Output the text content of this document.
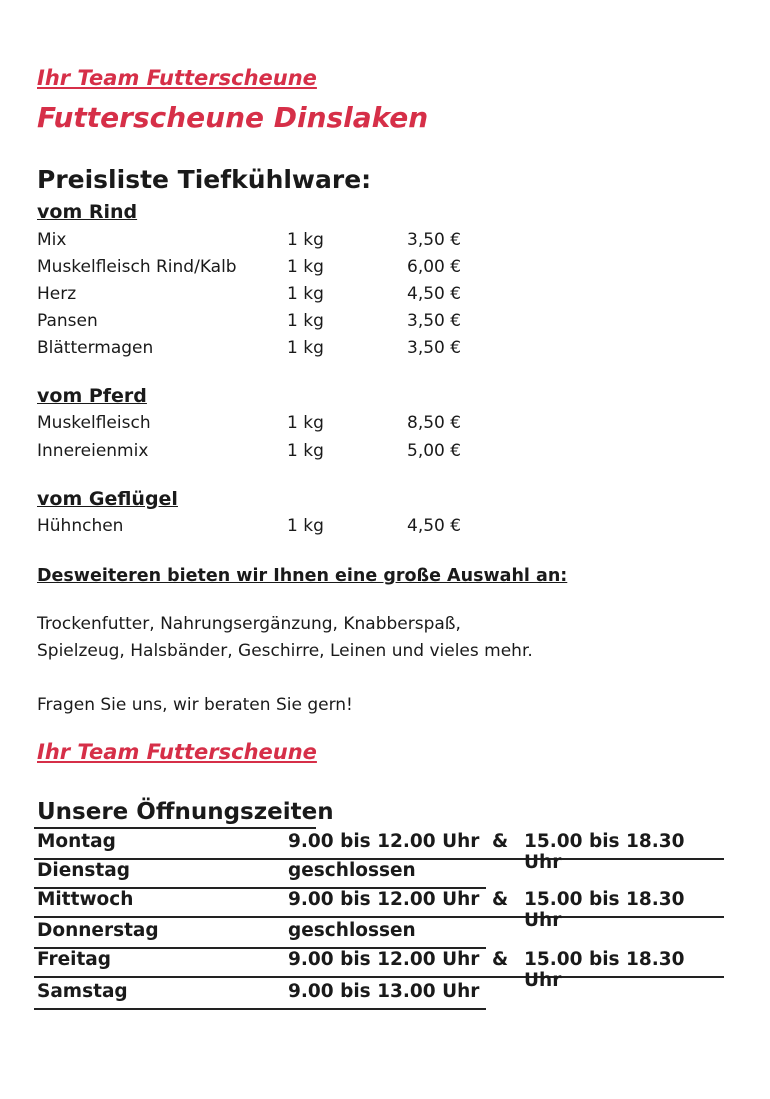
Ihr Team Futterscheune
Futterscheune Dinslaken
Preisliste Tiefkühlware:
vom Rind
Mix	1 kg	3,50 €
Muskelfleisch Rind/Kalb	1 kg	6,00 €
Herz	1 kg	4,50 €
Pansen	1 kg	3,50 €
Blättermagen	1 kg	3,50 €
vom Pferd
Muskelfleisch	1 kg	8,50 €
Innereienmix	1 kg	5,00 €
vom Geflügel
Hühnchen	1 kg	4,50 €
Desweiteren bieten wir Ihnen eine große Auswahl an:
Trockenfutter, Nahrungsergänzung, Knabberspaß,
Spielzeug, Halsbänder, Geschirre, Leinen und vieles mehr.
Fragen Sie uns, wir beraten Sie gern!
Ihr Team Futterscheune
Unsere Öffnungszeiten
Montag	9.00 bis 12.00 Uhr & 15.00 bis 18.30 Uhr
Dienstag	geschlossen
Mittwoch	9.00 bis 12.00 Uhr & 15.00 bis 18.30 Uhr
Donnerstag	geschlossen
Freitag	9.00 bis 12.00 Uhr & 15.00 bis 18.30 Uhr
Samstag	9.00 bis 13.00 Uhr
